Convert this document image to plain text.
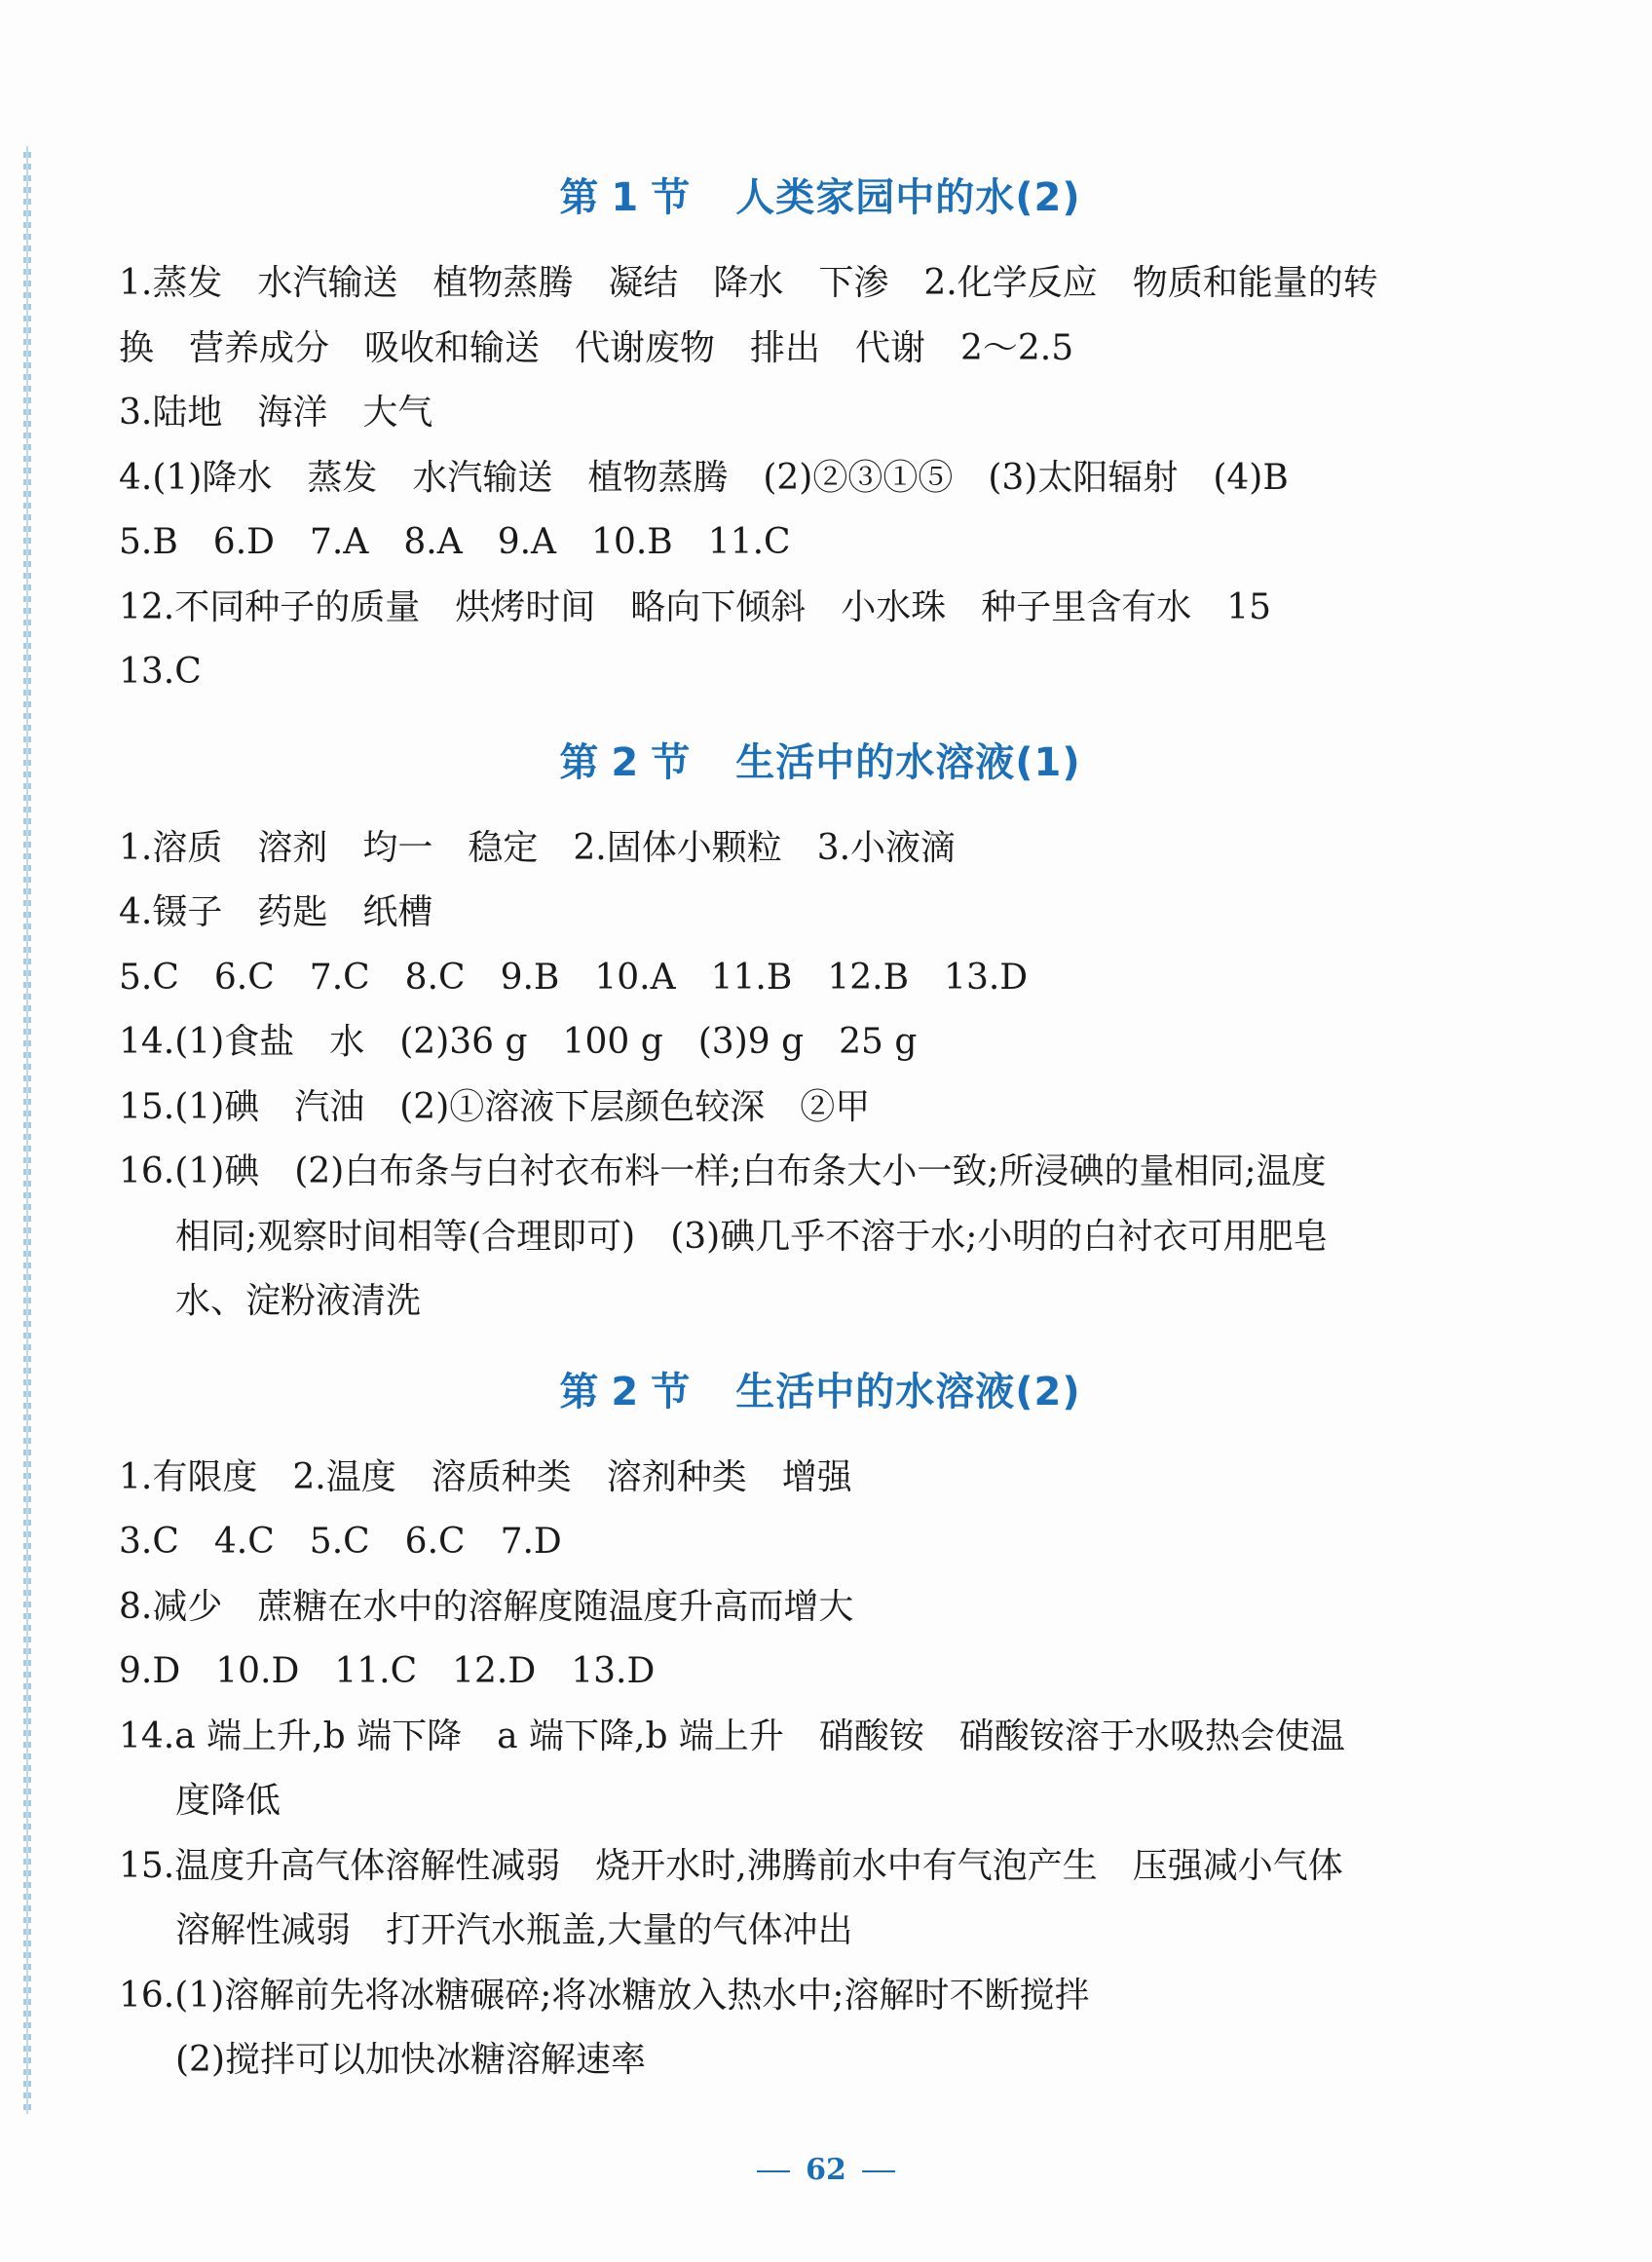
第 1 节 人类家园中的水(2)
1.蒸发　水汽输送　植物蒸腾　凝结　降水　下渗　2.化学反应　物质和能量的转
换　营养成分　吸收和输送　代谢废物　排出　代谢　2～2.5
3.陆地　海洋　大气
4.(1)降水　蒸发　水汽输送　植物蒸腾　(2)②③①⑤　(3)太阳辐射　(4)B
5.B　6.D　7.A　8.A　9.A　10.B　11.C
12.不同种子的质量　烘烤时间　略向下倾斜　小水珠　种子里含有水　15
13.C
第 2 节 生活中的水溶液(1)
1.溶质　溶剂　均一　稳定　2.固体小颗粒　3.小液滴
4.镊子　药匙　纸槽
5.C　6.C　7.C　8.C　9.B　10.A　11.B　12.B　13.D
14.(1)食盐　水　(2)36 g　100 g　(3)9 g　25 g
15.(1)碘　汽油　(2)①溶液下层颜色较深　②甲
16.(1)碘　(2)白布条与白衬衣布料一样;白布条大小一致;所浸碘的量相同;温度
相同;观察时间相等(合理即可)　(3)碘几乎不溶于水;小明的白衬衣可用肥皂
水、淀粉液清洗
第 2 节 生活中的水溶液(2)
1.有限度　2.温度　溶质种类　溶剂种类　增强
3.C　4.C　5.C　6.C　7.D
8.减少　蔗糖在水中的溶解度随温度升高而增大
9.D　10.D　11.C　12.D　13.D
14.a 端上升,b 端下降　a 端下降,b 端上升　硝酸铵　硝酸铵溶于水吸热会使温
度降低
15.温度升高气体溶解性减弱　烧开水时,沸腾前水中有气泡产生　压强减小气体
溶解性减弱　打开汽水瓶盖,大量的气体冲出
16.(1)溶解前先将冰糖碾碎;将冰糖放入热水中;溶解时不断搅拌
(2)搅拌可以加快冰糖溶解速率
62
